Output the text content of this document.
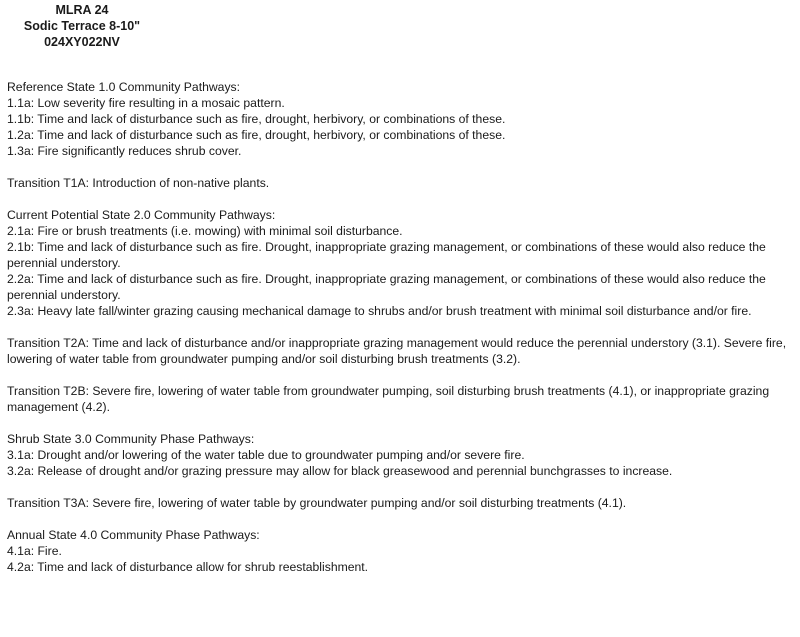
MLRA 24
Sodic Terrace 8-10"
024XY022NV
Reference State 1.0 Community Pathways:
1.1a: Low severity fire resulting in a mosaic pattern.
1.1b: Time and lack of disturbance such as fire, drought, herbivory, or combinations of these.
1.2a: Time and lack of disturbance such as fire, drought, herbivory, or combinations of these.
1.3a: Fire significantly reduces shrub cover.
Transition T1A: Introduction of non-native plants.
Current Potential State 2.0 Community Pathways:
2.1a: Fire or brush treatments (i.e. mowing) with minimal soil disturbance.
2.1b: Time and lack of disturbance such as fire. Drought, inappropriate grazing management, or combinations of these would also reduce the perennial understory.
2.2a: Time and lack of disturbance such as fire. Drought, inappropriate grazing management, or combinations of these would also reduce the perennial understory.
2.3a: Heavy late fall/winter grazing causing mechanical damage to shrubs and/or brush treatment with minimal soil disturbance and/or fire.
Transition T2A: Time and lack of disturbance and/or inappropriate grazing management would reduce the perennial understory (3.1). Severe fire, lowering of water table from groundwater pumping and/or soil disturbing brush treatments (3.2).
Transition T2B: Severe fire, lowering of water table from groundwater pumping, soil disturbing brush treatments (4.1), or inappropriate grazing management (4.2).
Shrub State 3.0 Community Phase Pathways:
3.1a: Drought and/or lowering of the water table due to groundwater pumping and/or severe fire.
3.2a: Release of drought and/or grazing pressure may allow for black greasewood and perennial bunchgrasses to increase.
Transition T3A: Severe fire, lowering of water table by groundwater pumping and/or soil disturbing treatments (4.1).
Annual State 4.0 Community Phase Pathways:
4.1a: Fire.
4.2a: Time and lack of disturbance allow for shrub reestablishment.
